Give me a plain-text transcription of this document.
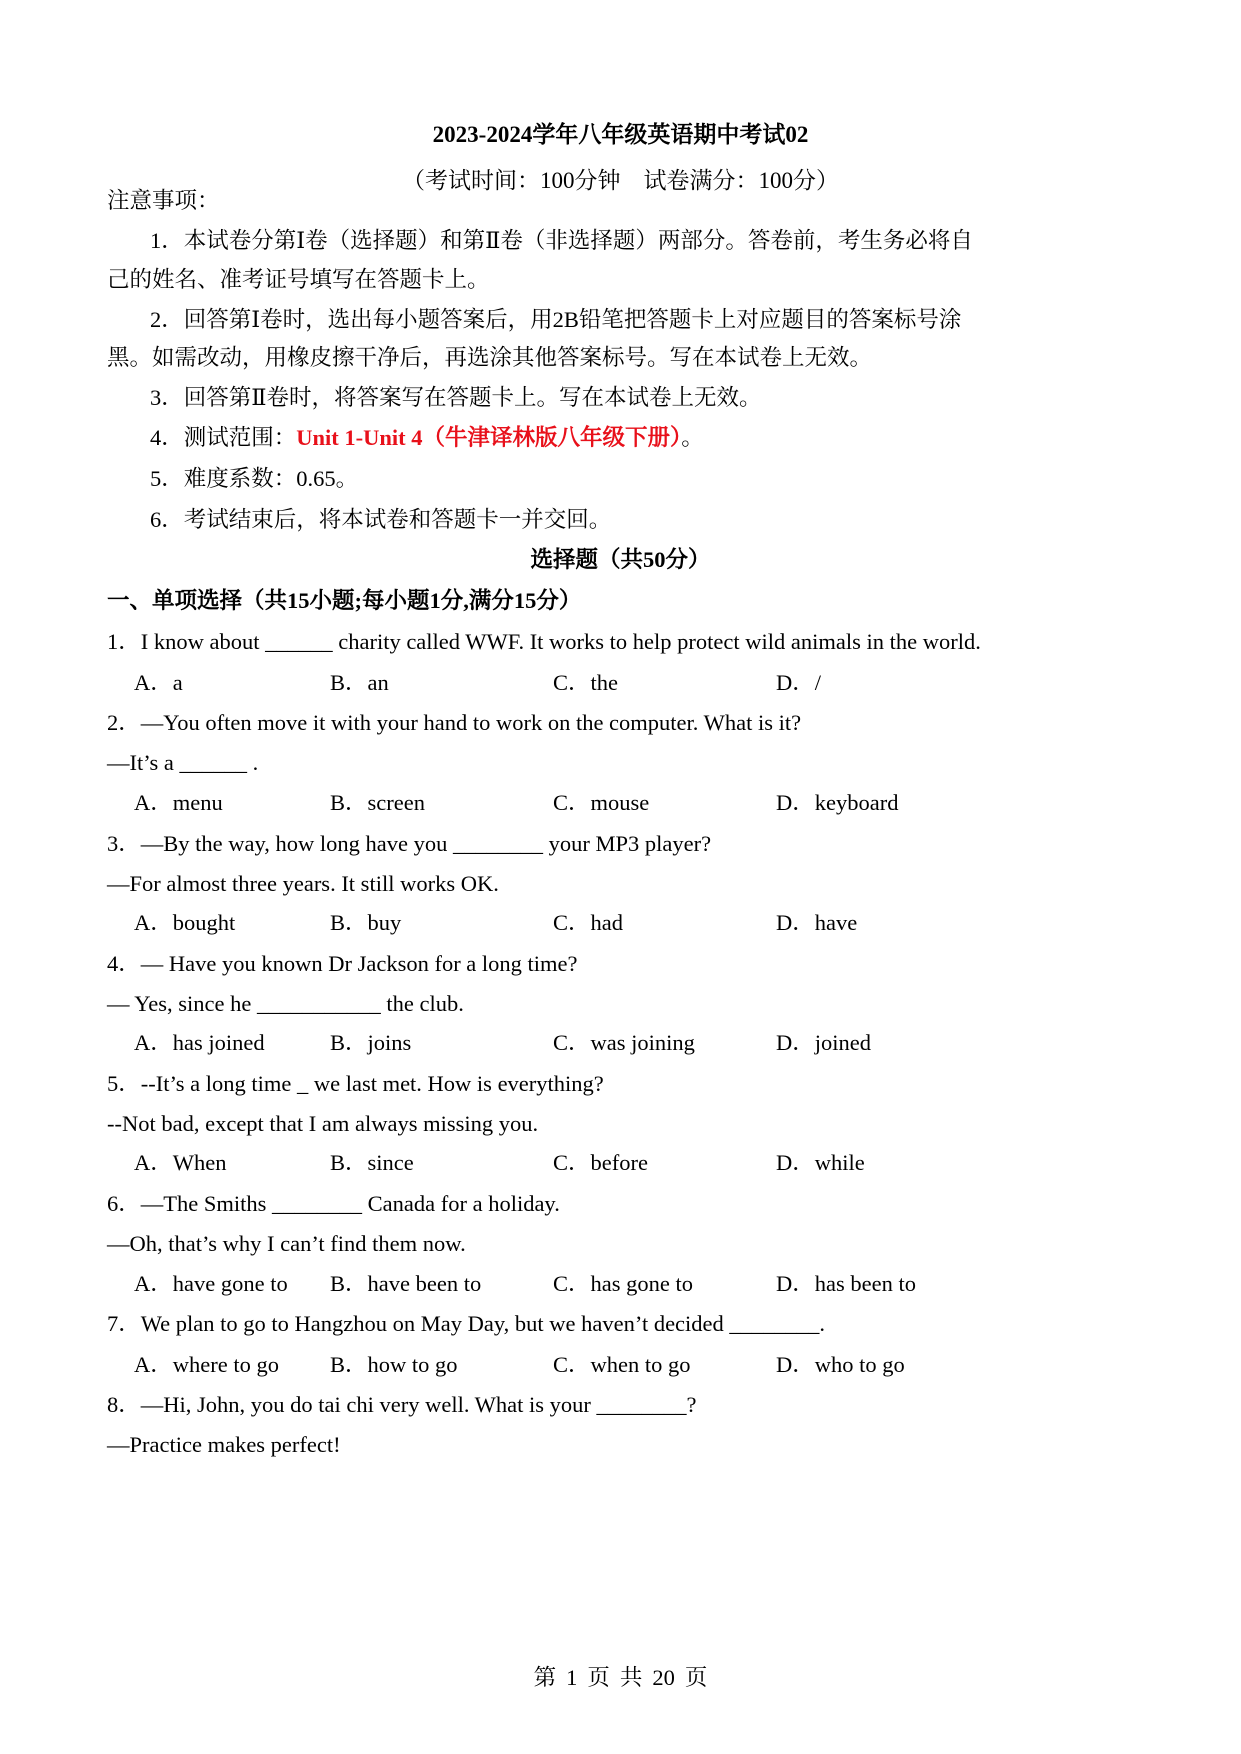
2023-2024学年八年级英语期中考试02
（考试时间：100分钟　试卷满分：100分）
注意事项：
1．本试卷分第Ⅰ卷（选择题）和第Ⅱ卷（非选择题）两部分。答卷前，考生务必将自
己的姓名、准考证号填写在答题卡上。
2．回答第Ⅰ卷时，选出每小题答案后，用2B铅笔把答题卡上对应题目的答案标号涂
黑。如需改动，用橡皮擦干净后，再选涂其他答案标号。写在本试卷上无效。
3．回答第Ⅱ卷时，将答案写在答题卡上。写在本试卷上无效。
4．测试范围：Unit 1-Unit 4（牛津译林版八年级下册）。
5．难度系数：0.65。
6．考试结束后，将本试卷和答题卡一并交回。
选择题（共50分）
一、单项选择（共15小题;每小题1分,满分15分）
1．I know about ______ charity called WWF. It works to help protect wild animals in the world.
A．a	B．an	C．the	D．/
2．—You often move it with your hand to work on the computer. What is it?
—It’s a ______ .
A．menu	B．screen	C．mouse	D．keyboard
3．—By the way, how long have you ________ your MP3 player?
—For almost three years. It still works OK.
A．bought	B．buy	C．had	D．have
4．— Have you known Dr Jackson for a long time?
— Yes, since he ___________ the club.
A．has joined	B．joins	C．was joining	D．joined
5．--It’s a long time _ we last met. How is everything?
--Not bad, except that I am always missing you.
A．When	B．since	C．before	D．while
6．—The Smiths ________ Canada for a holiday.
—Oh, that’s why I can’t find them now.
A．have gone to B．have been to	C．has gone to	D．has been to
7．We plan to go to Hangzhou on May Day, but we haven’t decided ________.
A．where to go B．how to go	C．when to go	D．who to go
8．—Hi, John, you do tai chi very well. What is your ________?
—Practice makes perfect!
第 1 页 共 20 页
